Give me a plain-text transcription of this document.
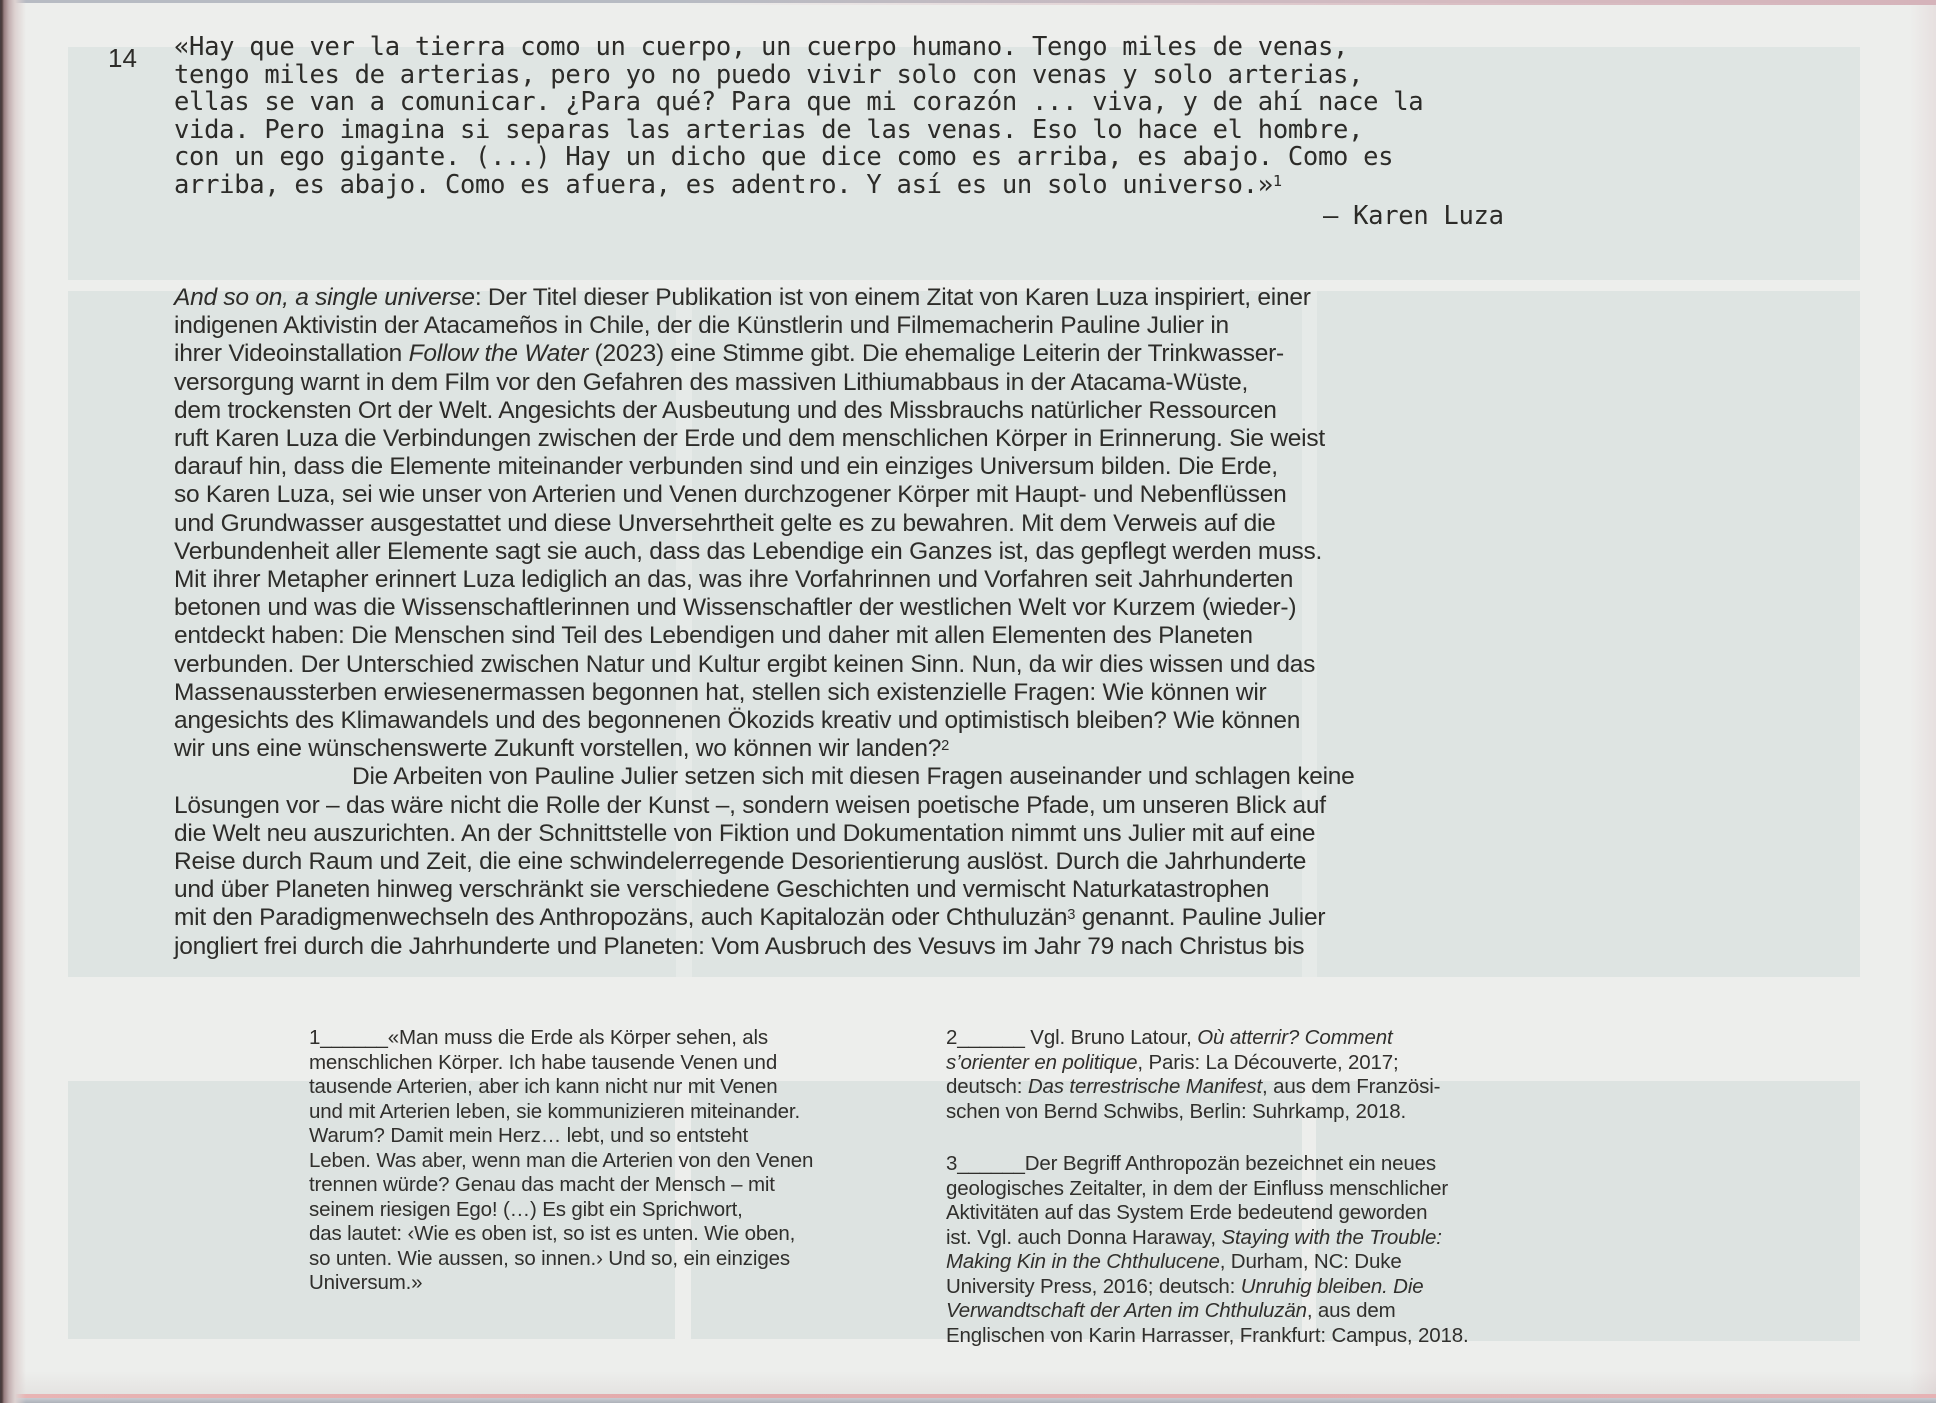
14 «Hay que ver la tierra como un cuerpo, un cuerpo humano. Tengo miles de venas,
tengo miles de arterias, pero yo no puedo vivir solo con venas y solo arterias,
ellas se van a comunicar. ¿Para qué? Para que mi corazón ... viva, y de ahí nace la
vida. Pero imagina si separas las arterias de las venas. Eso lo hace el hombre,
con un ego gigante. (...) Hay un dicho que dice como es arriba, es abajo. Como es
arriba, es abajo. Como es afuera, es adentro. Y así es un solo universo.»$^1$
– Karen Luza
And so on, a single universe: Der Titel dieser Publikation ist von einem Zitat von Karen Luza inspiriert, einer
indigenen Aktivistin der Atacameños in Chile, der die Künstlerin und Filmemacherin Pauline Julier in
ihrer Videoinstallation Follow the Water (2023) eine Stimme gibt. Die ehemalige Leiterin der Trinkwasser-
versorgung warnt in dem Film vor den Gefahren des massiven Lithiumabbaus in der Atacama-Wüste,
dem trockensten Ort der Welt. Angesichts der Ausbeutung und des Missbrauchs natürlicher Ressourcen
ruft Karen Luza die Verbindungen zwischen der Erde und dem menschlichen Körper in Erinnerung. Sie weist
darauf hin, dass die Elemente miteinander verbunden sind und ein einziges Universum bilden. Die Erde,
so Karen Luza, sei wie unser von Arterien und Venen durchzogener Körper mit Haupt- und Nebenflüssen
und Grundwasser ausgestattet und diese Unversehrtheit gelte es zu bewahren. Mit dem Verweis auf die
Verbundenheit aller Elemente sagt sie auch, dass das Lebendige ein Ganzes ist, das gepflegt werden muss.
Mit ihrer Metapher erinnert Luza lediglich an das, was ihre Vorfahrinnen und Vorfahren seit Jahrhunderten
betonen und was die Wissenschaftlerinnen und Wissenschaftler der westlichen Welt vor Kurzem (wieder-)
entdeckt haben: Die Menschen sind Teil des Lebendigen und daher mit allen Elementen des Planeten
verbunden. Der Unterschied zwischen Natur und Kultur ergibt keinen Sinn. Nun, da wir dies wissen und das
Massenaussterben erwiesenermassen begonnen hat, stellen sich existenzielle Fragen: Wie können wir
angesichts des Klimawandels und des begonnenen Ökozids kreativ und optimistisch bleiben? Wie können
wir uns eine wünschenswerte Zukunft vorstellen, wo können wir landen?$^2$
Die Arbeiten von Pauline Julier setzen sich mit diesen Fragen auseinander und schlagen keine
Lösungen vor – das wäre nicht die Rolle der Kunst –, sondern weisen poetische Pfade, um unseren Blick auf
die Welt neu auszurichten. An der Schnittstelle von Fiktion und Dokumentation nimmt uns Julier mit auf eine
Reise durch Raum und Zeit, die eine schwindelerregende Desorientierung auslöst. Durch die Jahrhunderte
und über Planeten hinweg verschränkt sie verschiedene Geschichten und vermischt Naturkatastrophen
mit den Paradigmenwechseln des Anthropozäns, auch Kapitalozän oder Chthuluzän$^3$ genannt. Pauline Julier
jongliert frei durch die Jahrhunderte und Planeten: Vom Ausbruch des Vesuvs im Jahr 79 nach Christus bis
1______«Man muss die Erde als Körper sehen, als
menschlichen Körper. Ich habe tausende Venen und
tausende Arterien, aber ich kann nicht nur mit Venen
und mit Arterien leben, sie kommunizieren miteinander.
Warum? Damit mein Herz… lebt, und so entsteht
Leben. Was aber, wenn man die Arterien von den Venen
trennen würde? Genau das macht der Mensch – mit
seinem riesigen Ego! (…) Es gibt ein Sprichwort,
das lautet: ‹Wie es oben ist, so ist es unten. Wie oben,
so unten. Wie aussen, so innen.› Und so, ein einziges
Universum.»
2______ Vgl. Bruno Latour, Où atterrir? Comment
s’orienter en politique, Paris: La Découverte, 2017;
deutsch: Das terrestrische Manifest, aus dem Französi-
schen von Bernd Schwibs, Berlin: Suhrkamp, 2018.
3______Der Begriff Anthropozän bezeichnet ein neues
geologisches Zeitalter, in dem der Einfluss menschlicher
Aktivitäten auf das System Erde bedeutend geworden
ist. Vgl. auch Donna Haraway, Staying with the Trouble:
Making Kin in the Chthulucene, Durham, NC: Duke
University Press, 2016; deutsch: Unruhig bleiben. Die
Verwandtschaft der Arten im Chthuluzän, aus dem
Englischen von Karin Harrasser, Frankfurt: Campus, 2018.
